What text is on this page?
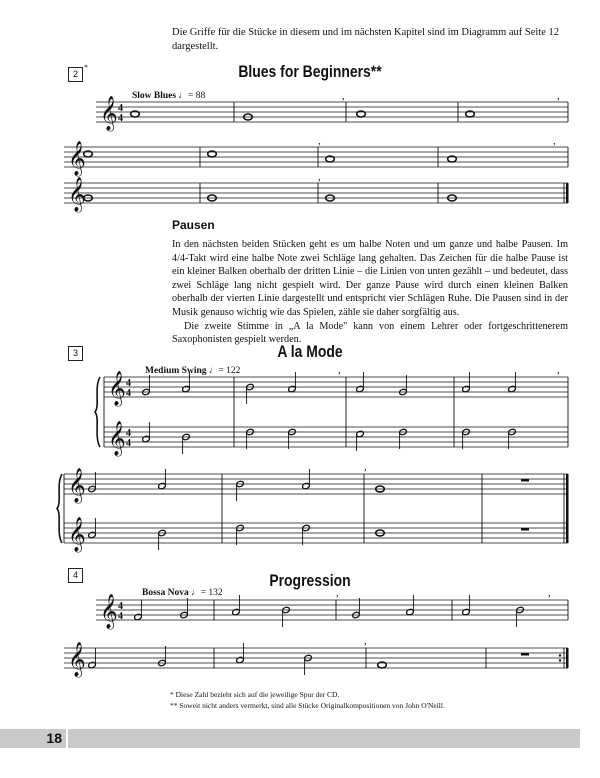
Die Griffe für die Stücke in diesem und im nächsten Kapitel sind im Diagramm auf Seite 12 dargestellt.
2
*	Blues for Beginners**
Slow Blues ♩= 88
Pausen

In den nächsten beiden Stücken geht es um halbe Noten und um ganze und halbe Pausen. Im 4/4-Takt wird eine halbe Note zwei Schläge lang gehalten. Das Zeichen für die halbe Pause ist ein kleiner Balken oberhalb der dritten Linie – die Linien von unten gezählt – und bedeutet, dass zwei Schläge lang nicht gespielt wird. Der ganze Pause wird durch einen kleinen Balken oberhalb der vierten Linie dargestellt und entspricht vier Schlägen Ruhe. Die Pausen sind in der Musik genauso wichtig wie das Spielen, zähle sie daher sorgfältig aus.

Die zweite Stimme in „A la Mode" kann von einem Lehrer oder fortgeschrittenerem Saxophonisten gespielt werden.

3	A la Mode
Medium Swing ♩= 122
4	Progression
Bossa Nova ♩= 132
* Diese Zahl bezieht sich auf die jeweilige Spur der CD.
** Soweit nicht anders vermerkt, sind alle Stücke Originalkompositionen von John O'Neill.
18
𝄞 4
4
,	,
𝄞
,	,
𝄞
,
𝄞 4
4
𝄞 4
4
,	,
𝄞
𝄞
,
𝄞 4
4
,	,
𝄞
,
